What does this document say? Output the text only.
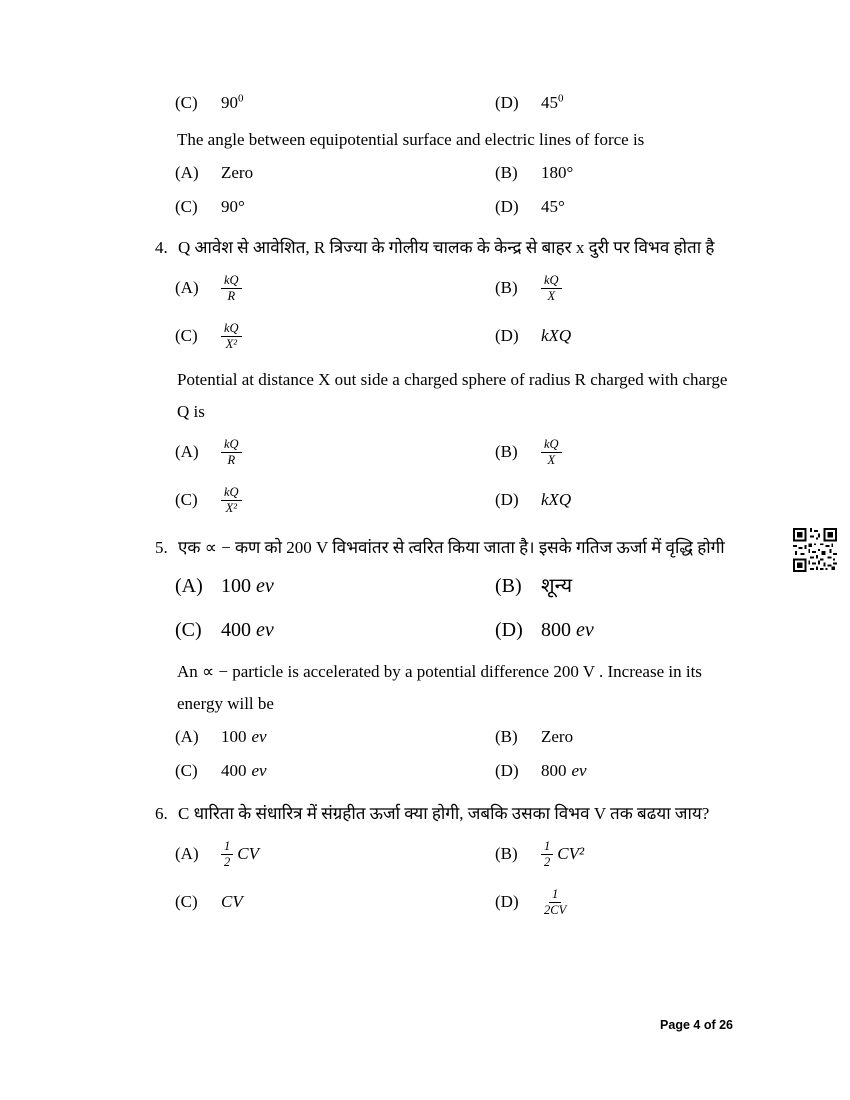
(C)	$90^0$	(D)	$45^0$

The angle between equipotential surface and electric lines of force is

(A)	Zero	(B)	180°
(C)	90°	(D)	45°
4. Q आवेश से आवेशित, R त्रिज्या के गोलीय चालक के केन्द्र से बाहर x दुरी पर विभव होता है
(A)	$\frac{kQ}{R}$	(B)	$\frac{kQ}{X}$
(C)	$\frac{kQ}{\text{X²}}$	(D)	kXQ

Potential at distance X out side a charged sphere of radius R charged with charge Q is

(A)	$\frac{kQ}{R}$	(B)	$\frac{kQ}{X}$
(C)	$\frac{kQ}{\text{X²}}$	(D)	kXQ
5. एक ∝ − कण को 200 V विभवांतर से त्वरित किया जाता है। इसके गतिज ऊर्जा में वृद्धि होगी
(A) 100 ev	(B) शून्य
(C) 400 ev	(D) 800 ev

An ∝ − particle is accelerated by a potential difference 200 V . Increase in its energy will be

(A)	100 ev	(B)	Zero
(C)	400 ev	(D)	800 ev
6. C धारिता के संधारित्र में संग्रहीत ऊर्जा क्या होगी, जबकि उसका विभव V तक बढया जाय?
(A)	$\frac{1}{2}$ CV	(B)	$\frac{1}{2} CV^2$
(C)	CV	(D)	$\frac{1}{2CV}$
Page 4 of 26
